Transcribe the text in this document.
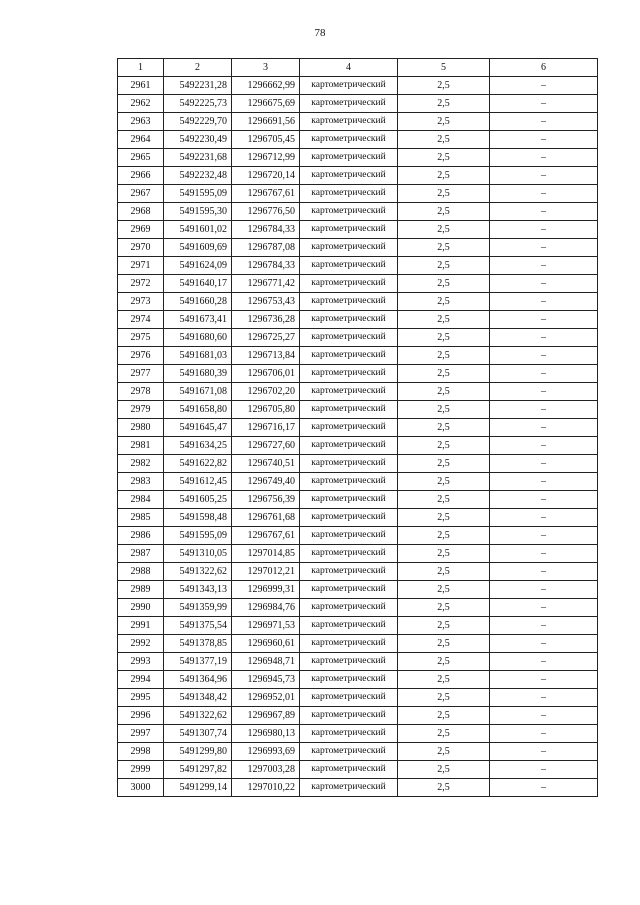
78
1	2	3	4	5	6
2961	5492231,28	1296662,99	картометрический	2,5	–
2962	5492225,73	1296675,69	картометрический	2,5	–
2963	5492229,70	1296691,56	картометрический	2,5	–
2964	5492230,49	1296705,45	картометрический	2,5	–
2965	5492231,68	1296712,99	картометрический	2,5	–
2966	5492232,48	1296720,14	картометрический	2,5	–
2967	5491595,09	1296767,61	картометрический	2,5	–
2968	5491595,30	1296776,50	картометрический	2,5	–
2969	5491601,02	1296784,33	картометрический	2,5	–
2970	5491609,69	1296787,08	картометрический	2,5	–
2971	5491624,09	1296784,33	картометрический	2,5	–
2972	5491640,17	1296771,42	картометрический	2,5	–
2973	5491660,28	1296753,43	картометрический	2,5	–
2974	5491673,41	1296736,28	картометрический	2,5	–
2975	5491680,60	1296725,27	картометрический	2,5	–
2976	5491681,03	1296713,84	картометрический	2,5	–
2977	5491680,39	1296706,01	картометрический	2,5	–
2978	5491671,08	1296702,20	картометрический	2,5	–
2979	5491658,80	1296705,80	картометрический	2,5	–
2980	5491645,47	1296716,17	картометрический	2,5	–
2981	5491634,25	1296727,60	картометрический	2,5	–
2982	5491622,82	1296740,51	картометрический	2,5	–
2983	5491612,45	1296749,40	картометрический	2,5	–
2984	5491605,25	1296756,39	картометрический	2,5	–
2985	5491598,48	1296761,68	картометрический	2,5	–
2986	5491595,09	1296767,61	картометрический	2,5	–
2987	5491310,05	1297014,85	картометрический	2,5	–
2988	5491322,62	1297012,21	картометрический	2,5	–
2989	5491343,13	1296999,31	картометрический	2,5	–
2990	5491359,99	1296984,76	картометрический	2,5	–
2991	5491375,54	1296971,53	картометрический	2,5	–
2992	5491378,85	1296960,61	картометрический	2,5	–
2993	5491377,19	1296948,71	картометрический	2,5	–
2994	5491364,96	1296945,73	картометрический	2,5	–
2995	5491348,42	1296952,01	картометрический	2,5	–
2996	5491322,62	1296967,89	картометрический	2,5	–
2997	5491307,74	1296980,13	картометрический	2,5	–
2998	5491299,80	1296993,69	картометрический	2,5	–
2999	5491297,82	1297003,28	картометрический	2,5	–
3000	5491299,14	1297010,22	картометрический	2,5	–
